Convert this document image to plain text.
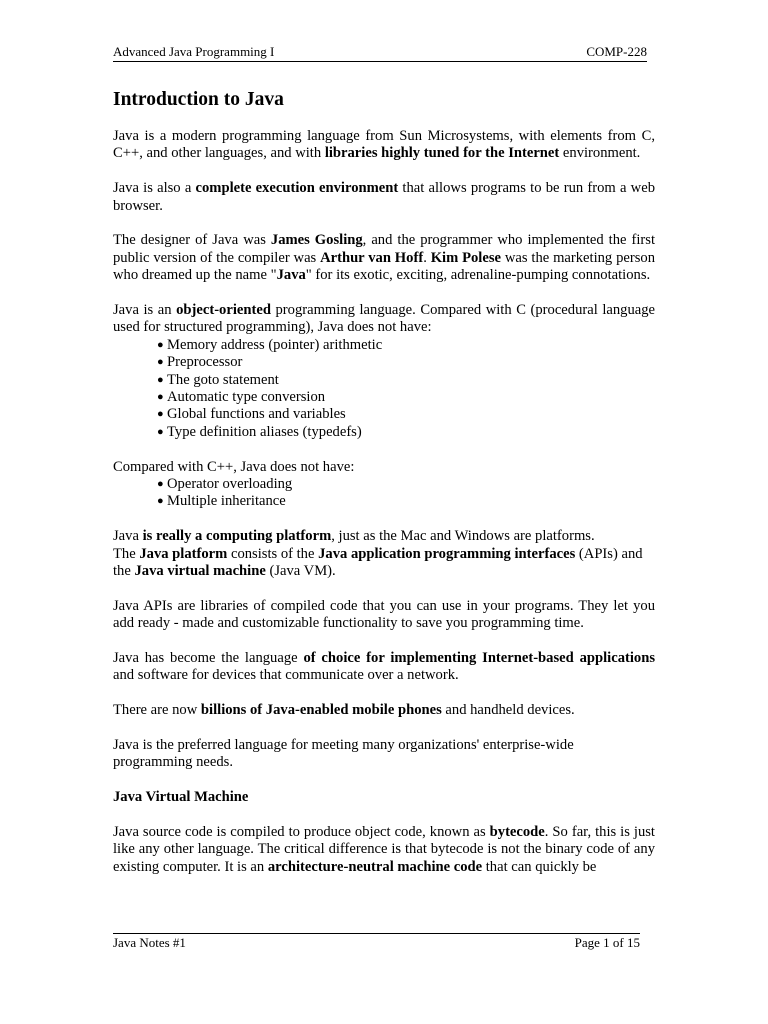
Advanced Java Programming I	COMP-228
Introduction to Java

Java is a modern programming language from Sun Microsystems, with elements from C, C++, and other languages, and with libraries highly tuned for the Internet environment.

Java is also a complete execution environment that allows programs to be run from a web browser.

The designer of Java was James Gosling, and the programmer who implemented the first public version of the compiler was Arthur van Hoff. Kim Polese was the marketing person who dreamed up the name "Java" for its exotic, exciting, adrenaline-pumping connotations.

Java is an object-oriented programming language. Compared with C (procedural language used for structured programming), Java does not have:

● Memory address (pointer) arithmetic
● Preprocessor
● The goto statement
● Automatic type conversion
● Global functions and variables
● Type definition aliases (typedefs)

Compared with C++, Java does not have:

● Operator overloading
● Multiple inheritance

Java is really a computing platform, just as the Mac and Windows are platforms.
The Java platform consists of the Java application programming interfaces (APIs) and the Java virtual machine (Java VM).

Java APIs are libraries of compiled code that you can use in your programs. They let you add ready - made and customizable functionality to save you programming time.

Java has become the language of choice for implementing Internet-based applications and software for devices that communicate over a network.

There are now billions of Java-enabled mobile phones and handheld devices.

Java is the preferred language for meeting many organizations' enterprise-wide programming needs.

Java Virtual Machine

Java source code is compiled to produce object code, known as bytecode. So far, this is just like any other language. The critical difference is that bytecode is not the binary code of any existing computer. It is an architecture-neutral machine code that can quickly be

Java Notes #1	Page 1 of 15
